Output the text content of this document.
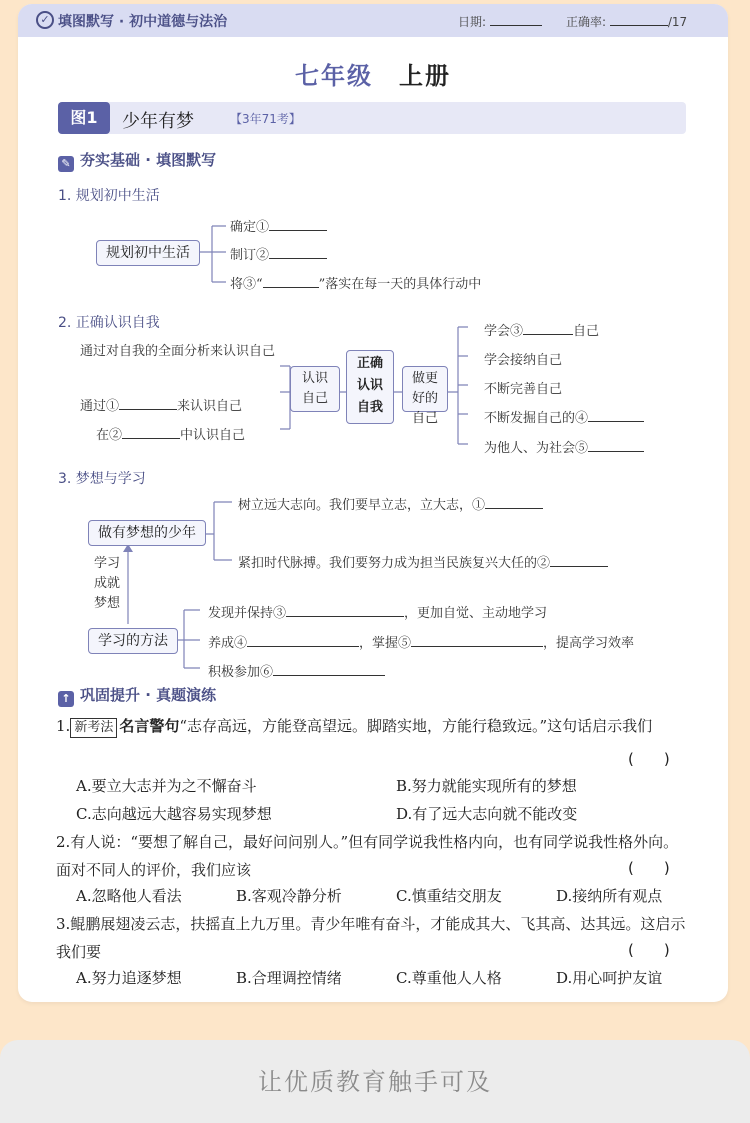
✓ 填图默写 · 初中道德与法治	日期:	正确率:	/17
七年级 上册
图1	少年有梦	【3年71考】
✎ 夯实基础 · 填图默写
1. 规划初中生活
规划初中生活
确定①
制订②
将③“	”落实在每一天的具体行动中
2. 正确认识自我
通过对自我的全面分析来认识自己
通过①	来认识自己
在②	中认识自己
认识自己
正确认识自我
做更好的自己
学会③	自己
学会接纳自己
不断完善自己
不断发掘自己的④
为他人、为社会⑤
3. 梦想与学习
做有梦想的少年
树立远大志向。我们要早立志，立大志，①
紧扣时代脉搏。我们要努力成为担当民族复兴大任的②
学习成就梦想
学习的方法
发现并保持③	，更加自觉、主动地学习
养成④	，掌握⑤	，提高学习效率
积极参加⑥
↑ 巩固提升 · 真题演练
1. 新考法 名言警句“志存高远，方能登高望远。脚踏实地，方能行稳致远。”这句话启示我们
(　　)
A.要立大志并为之不懈奋斗	B.努力就能实现所有的梦想
C.志向越远大越容易实现梦想	D.有了远大志向就不能改变
2.有人说：“要想了解自己，最好问问别人。”但有同学说我性格内向，也有同学说我性格外向。面对不同人的评价，我们应该	(　　)
A.忽略他人看法	B.客观冷静分析	C.慎重结交朋友	D.接纳所有观点
3.鲲鹏展翅凌云志，扶摇直上九万里。青少年唯有奋斗，才能成其大、飞其高、达其远。这启示我们要	(　　)
A.努力追逐梦想	B.合理调控情绪	C.尊重他人人格	D.用心呵护友谊
让优质教育触手可及
